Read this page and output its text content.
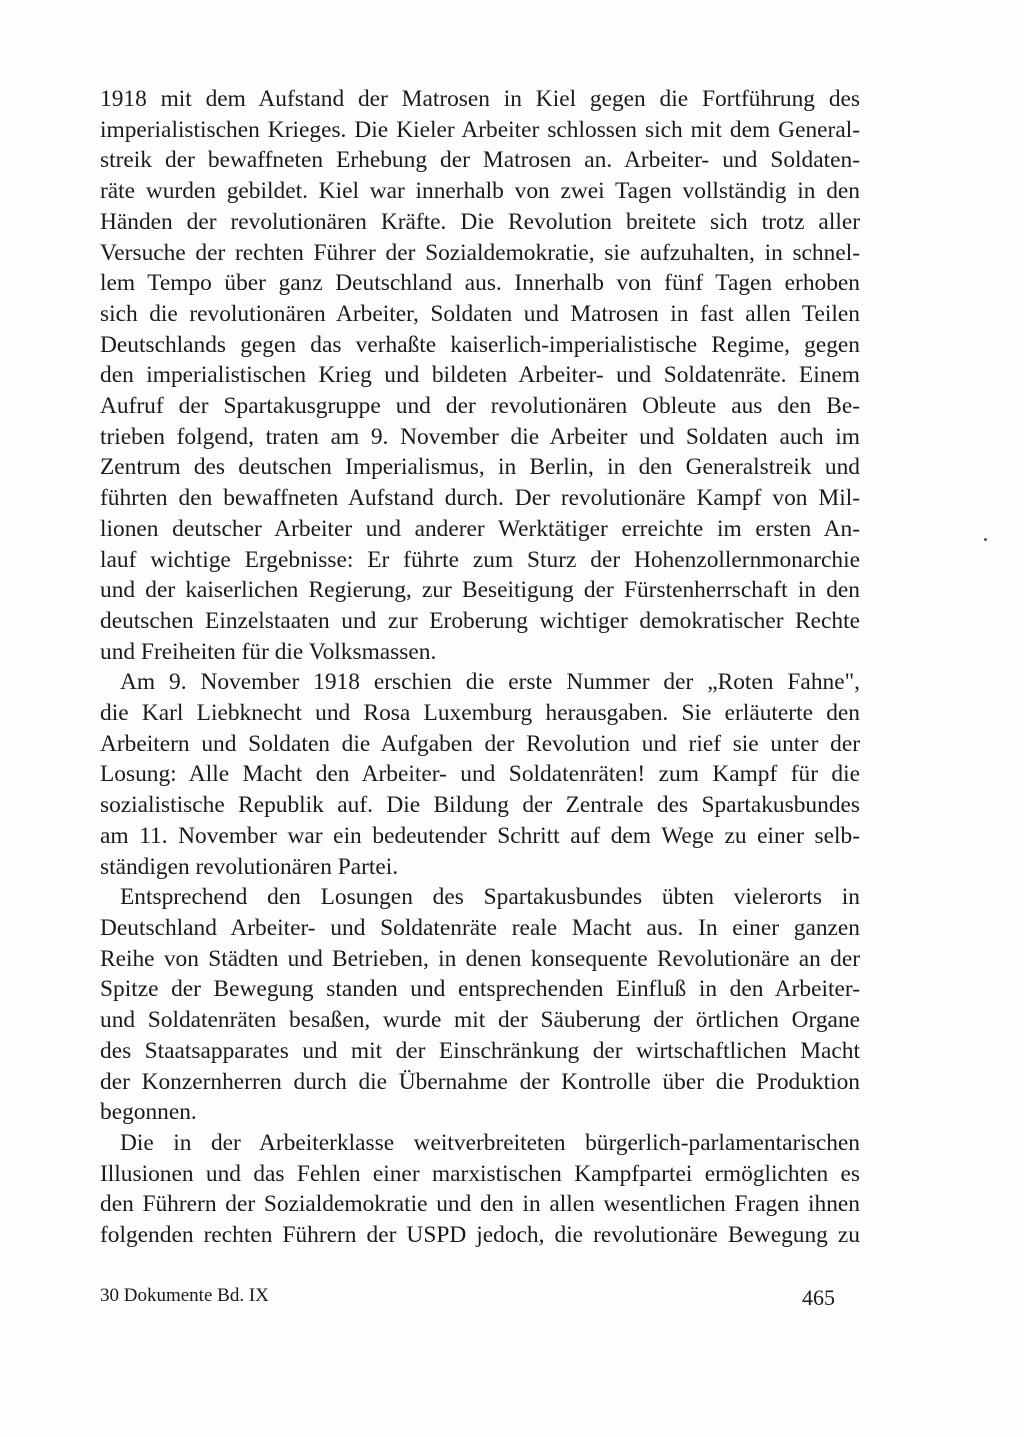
1918 mit dem Aufstand der Matrosen in Kiel gegen die Fortführung des
imperialistischen Krieges. Die Kieler Arbeiter schlossen sich mit dem General-
streik der bewaffneten Erhebung der Matrosen an. Arbeiter- und Soldaten-
räte wurden gebildet. Kiel war innerhalb von zwei Tagen vollständig in den
Händen der revolutionären Kräfte. Die Revolution breitete sich trotz aller
Versuche der rechten Führer der Sozialdemokratie, sie aufzuhalten, in schnel-
lem Tempo über ganz Deutschland aus. Innerhalb von fünf Tagen erhoben
sich die revolutionären Arbeiter, Soldaten und Matrosen in fast allen Teilen
Deutschlands gegen das verhaßte kaiserlich-imperialistische Regime, gegen
den imperialistischen Krieg und bildeten Arbeiter- und Soldatenräte. Einem
Aufruf der Spartakusgruppe und der revolutionären Obleute aus den Be-
trieben folgend, traten am 9. November die Arbeiter und Soldaten auch im
Zentrum des deutschen Imperialismus, in Berlin, in den Generalstreik und
führten den bewaffneten Aufstand durch. Der revolutionäre Kampf von Mil-
lionen deutscher Arbeiter und anderer Werktätiger erreichte im ersten An-
lauf wichtige Ergebnisse: Er führte zum Sturz der Hohenzollernmonarchie
und der kaiserlichen Regierung, zur Beseitigung der Fürstenherrschaft in den
deutschen Einzelstaaten und zur Eroberung wichtiger demokratischer Rechte
und Freiheiten für die Volksmassen.

Am 9. November 1918 erschien die erste Nummer der „Roten Fahne",
die Karl Liebknecht und Rosa Luxemburg herausgaben. Sie erläuterte den
Arbeitern und Soldaten die Aufgaben der Revolution und rief sie unter der
Losung: Alle Macht den Arbeiter- und Soldatenräten! zum Kampf für die
sozialistische Republik auf. Die Bildung der Zentrale des Spartakusbundes
am 11. November war ein bedeutender Schritt auf dem Wege zu einer selb-
ständigen revolutionären Partei.

Entsprechend den Losungen des Spartakusbundes übten vielerorts in
Deutschland Arbeiter- und Soldatenräte reale Macht aus. In einer ganzen
Reihe von Städten und Betrieben, in denen konsequente Revolutionäre an der
Spitze der Bewegung standen und entsprechenden Einfluß in den Arbeiter-
und Soldatenräten besaßen, wurde mit der Säuberung der örtlichen Organe
des Staatsapparates und mit der Einschränkung der wirtschaftlichen Macht
der Konzernherren durch die Übernahme der Kontrolle über die Produktion
begonnen.

Die in der Arbeiterklasse weitverbreiteten bürgerlich-parlamentarischen
Illusionen und das Fehlen einer marxistischen Kampfpartei ermöglichten es
den Führern der Sozialdemokratie und den in allen wesentlichen Fragen ihnen
folgenden rechten Führern der USPD jedoch, die revolutionäre Bewegung zu

30 Dokumente Bd. IX	465
